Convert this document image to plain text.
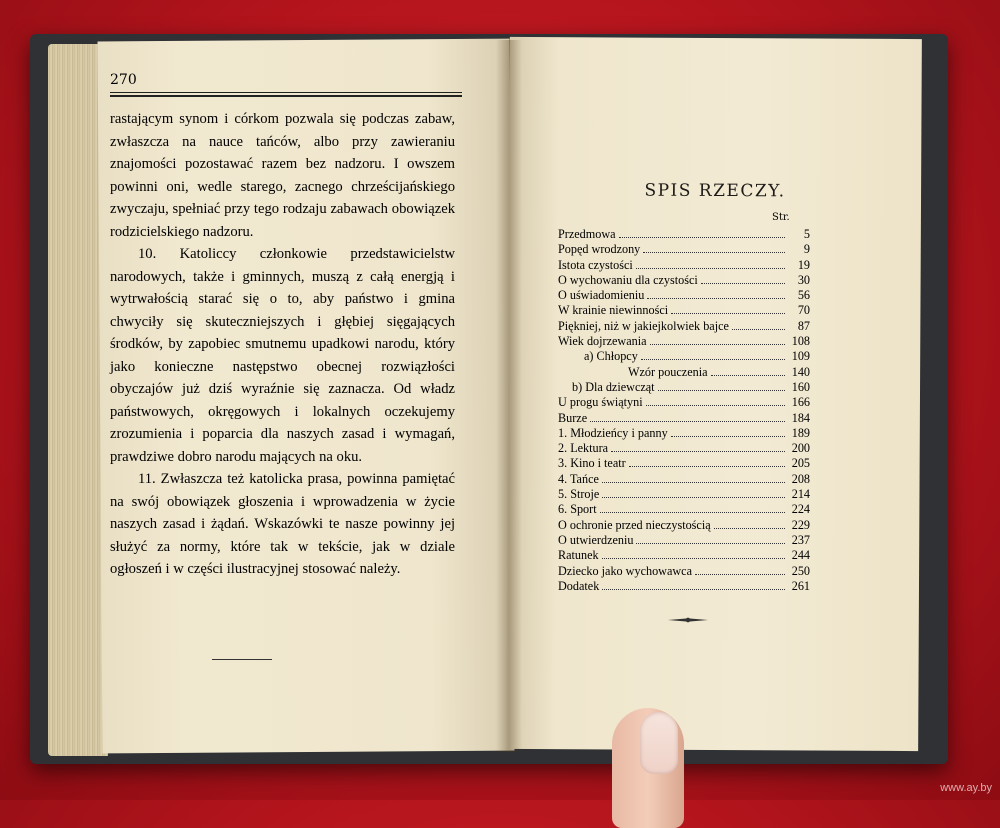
SPIS RZECZY.
270

rastającym synom i córkom pozwala się podczas zabaw, zwłaszcza na nauce tańców, albo przy zawieraniu znajomości pozostawać razem bez nadzoru. I owszem powinni oni, wedle starego, zacnego chrześcijańskiego zwyczaju, spełniać przy tego rodzaju zabawach obowiązek rodzicielskiego nadzoru.

10. Katoliccy członkowie przedstawicielstw narodowych, także i gminnych, muszą z całą energją i wytrwałością starać się o to, aby państwo i gmina chwyciły się skuteczniejszych i głębiej sięgających środków, by zapobiec smutnemu upadkowi narodu, który jako konieczne następstwo obecnej rozwiązłości obyczajów już dziś wyraźnie się zaznacza. Od władz państwowych, okręgowych i lokalnych oczekujemy zrozumienia i poparcia dla naszych zasad i wymagań, prawdziwe dobro narodu mających na oku.

11. Zwłaszcza też katolicka prasa, powinna pamiętać na swój obowiązek głoszenia i wprowadzenia w życie naszych zasad i żądań. Wskazówki te nasze powinny jej służyć za normy, które tak w tekście, jak w dziale ogłoszeń i w części ilustracyjnej stosować należy.

Str.
Przedmowa	5
Popęd wrodzony	9
Istota czystości	19
O wychowaniu dla czystości	30
O uświadomieniu	56
W krainie niewinności	70
Piękniej, niż w jakiejkolwiek bajce	87
Wiek dojrzewania	108
a) Chłopcy	109
Wzór pouczenia	140
b) Dla dziewcząt	160
U progu świątyni	166
Burze	184
1. Młodzieńcy i panny	189
2. Lektura	200
3. Kino i teatr	205
4. Tańce	208
5. Stroje	214
6. Sport	224
O ochronie przed nieczystością	229
O utwierdzeniu	237
Ratunek	244
Dziecko jako wychowawca	250
Dodatek	261
www.ay.by
